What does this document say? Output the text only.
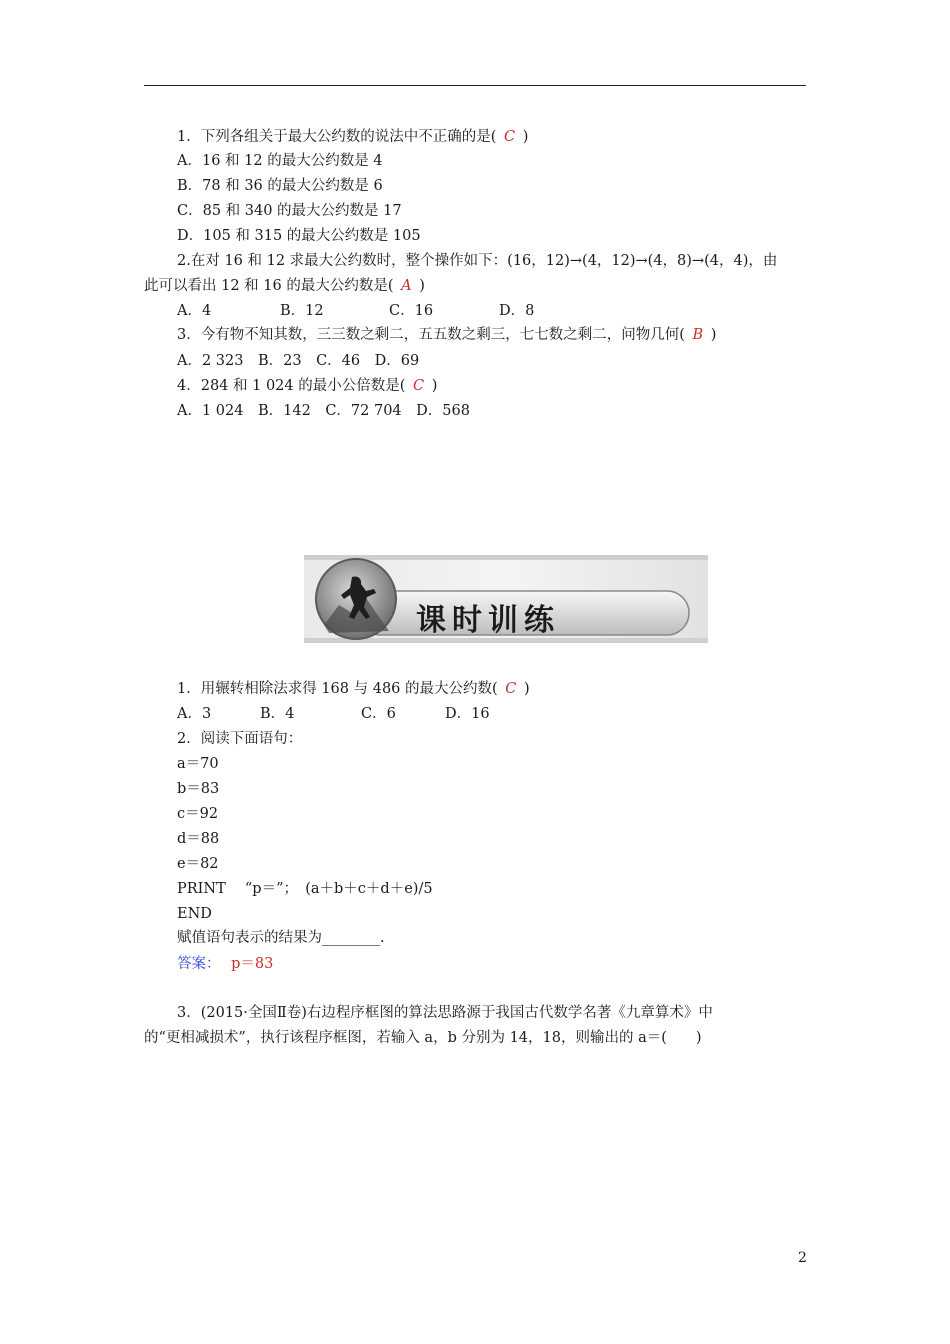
1．下列各组关于最大公约数的说法中不正确的是( C )
A．16 和 12 的最大公约数是 4
B．78 和 36 的最大公约数是 6
C．85 和 340 的最大公约数是 17
D．105 和 315 的最大公约数是 105
2.在对 16 和 12 求最大公约数时，整个操作如下：(16，12)→(4，12)→(4，8)→(4，4)，由
此可以看出 12 和 16 的最大公约数是( A )
A．4	B．12	C．16	D．8
3．今有物不知其数，三三数之剩二，五五数之剩三，七七数之剩二，问物几何( B )
A．2 323　B．23　C．46　D．69
4．284 和 1 024 的最小公倍数是( C )
A．1 024　B．142　C．72 704　D．568
课时训练
1．用辗转相除法求得 168 与 486 的最大公约数( C )
A．3	B．4	C．6	D．16
2．阅读下面语句：
a＝70
b＝83
c＝92
d＝88
e＝82
PRINT　 “p＝”；　(a＋b＋c＋d＋e)/5
END
赋值语句表示的结果为________.
答案： p＝83
3．(2015·全国Ⅱ卷)右边程序框图的算法思路源于我国古代数学名著《九章算术》中
的“更相减损术”，执行该程序框图，若输入 a，b 分别为 14，18，则输出的 a＝(　　)
2
